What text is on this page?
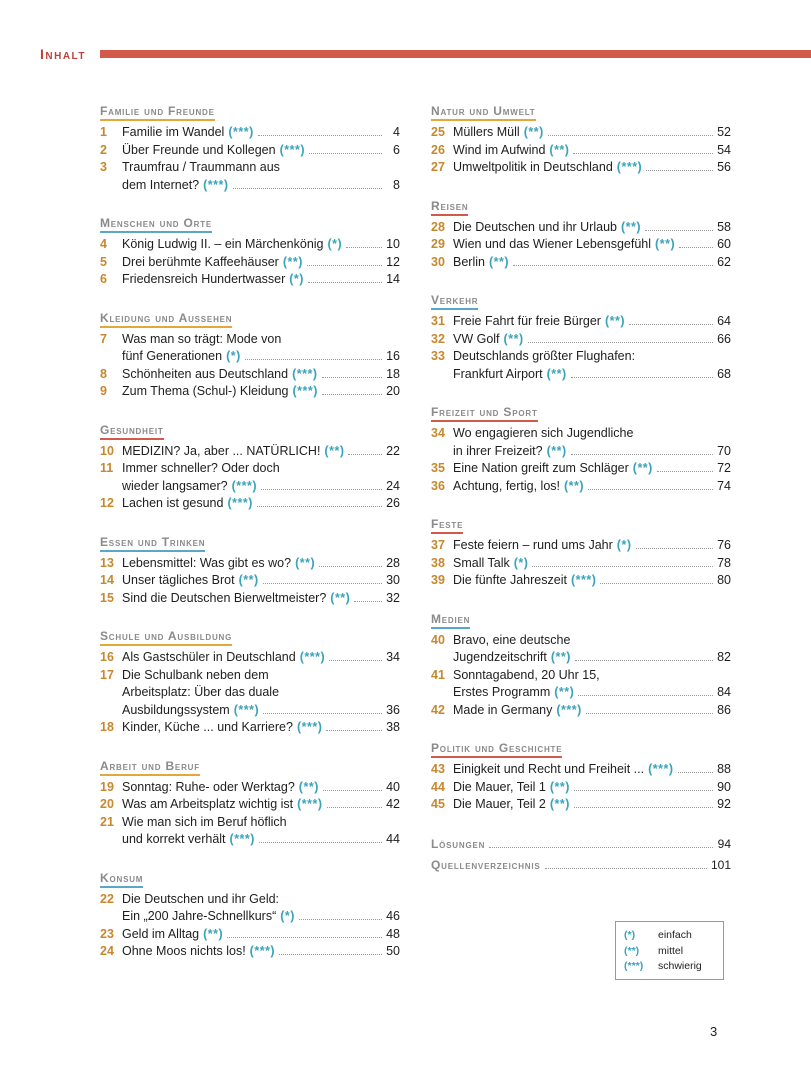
Inhalt
Familie und Freunde
1	Familie im Wandel (***)	4
2	Über Freunde und Kollegen (***)	6
3	Traumfrau / Traummann aus
dem Internet? (***)	8
Menschen und Orte
4	König Ludwig II. – ein Märchenkönig (*)	10
5	Drei berühmte Kaffeehäuser (**)	12
6	Friedensreich Hundertwasser (*)	14
Kleidung und Aussehen
7	Was man so trägt: Mode von
fünf Generationen (*)	16
8	Schönheiten aus Deutschland (***)	18
9	Zum Thema (Schul-) Kleidung (***)	20
Gesundheit
10 MEDIZIN? Ja, aber ... NATÜRLICH! (**)	22
11 Immer schneller? Oder doch
wieder langsamer? (***)	24
12 Lachen ist gesund (***)	26
Essen und Trinken
13 Lebensmittel: Was gibt es wo? (**)	28
14 Unser tägliches Brot (**)	30
15 Sind die Deutschen Bierweltmeister? (**)	32
Schule und Ausbildung
16 Als Gastschüler in Deutschland (***)	34
17 Die Schulbank neben dem
Arbeitsplatz: Über das duale
Ausbildungssystem (***)	36
18 Kinder, Küche ... und Karriere? (***)	38
Arbeit und Beruf
19 Sonntag: Ruhe- oder Werktag? (**)	40
20 Was am Arbeitsplatz wichtig ist (***)	42
21 Wie man sich im Beruf höflich
und korrekt verhält (***)	44
Konsum
22 Die Deutschen und ihr Geld:
Ein „200 Jahre-Schnellkurs“ (*)	46
23 Geld im Alltag (**)	48
24 Ohne Moos nichts los! (***)	50
Natur und Umwelt
25 Müllers Müll (**)	52
26 Wind im Aufwind (**)	54
27 Umweltpolitik in Deutschland (***)	56
Reisen
28 Die Deutschen und ihr Urlaub (**)	58
29 Wien und das Wiener Lebensgefühl (**)	60
30 Berlin (**)	62
Verkehr
31 Freie Fahrt für freie Bürger (**)	64
32 VW Golf (**)	66
33 Deutschlands größter Flughafen:
Frankfurt Airport (**)	68
Freizeit und Sport
34 Wo engagieren sich Jugendliche
in ihrer Freizeit? (**)	70
35 Eine Nation greift zum Schläger (**)	72
36 Achtung, fertig, los! (**)	74
Feste
37 Feste feiern – rund ums Jahr (*)	76
38 Small Talk (*)	78
39 Die fünfte Jahreszeit (***)	80
Medien
40 Bravo, eine deutsche
Jugendzeitschrift (**)	82
41 Sonntagabend, 20 Uhr 15,
Erstes Programm (**)	84
42 Made in Germany (***)	86
Politik und Geschichte
43 Einigkeit und Recht und Freiheit ... (***)	88
44 Die Mauer, Teil 1 (**)	90
45 Die Mauer, Teil 2 (**)	92
Lösungen	94
Quellenverzeichnis	101
(*)	einfach
(**)	mittel
(***)	schwierig
3
